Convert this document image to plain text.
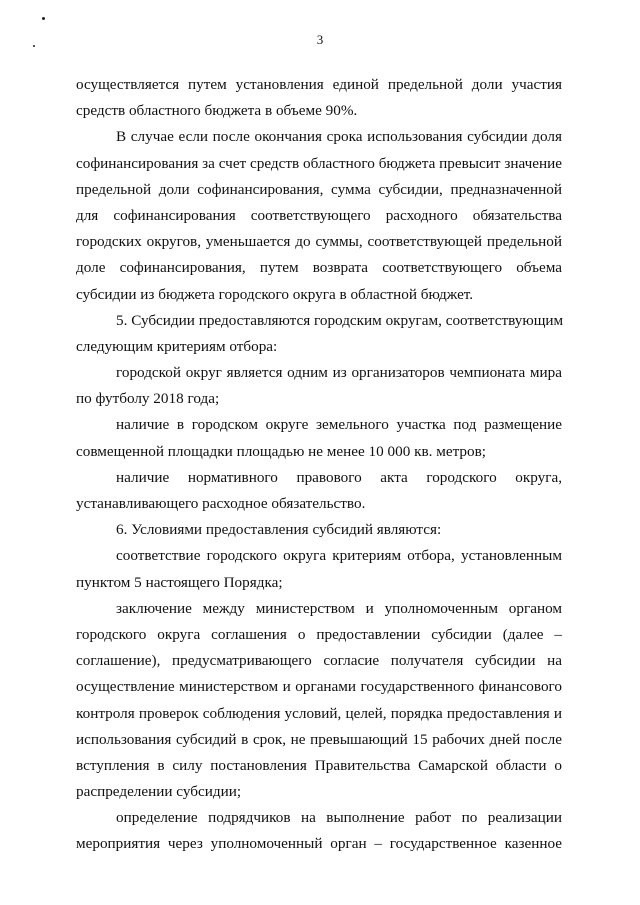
3
осуществляется путем установления единой предельной доли участия
средств областного бюджета в объеме 90%.
В случае если после окончания срока использования субсидии доля
софинансирования за счет средств областного бюджета превысит значение
предельной доли софинансирования, сумма субсидии, предназначенной
для софинансирования соответствующего расходного обязательства
городских округов, уменьшается до суммы, соответствующей предельной
доле софинансирования, путем возврата соответствующего объема
субсидии из бюджета городского округа в областной бюджет.
5. Субсидии предоставляются городским округам, соответствующим
следующим критериям отбора:
городской округ является одним из организаторов чемпионата мира
по футболу 2018 года;
наличие в городском округе земельного участка под размещение
совмещенной площадки площадью не менее 10 000 кв. метров;
наличие нормативного правового акта городского округа,
устанавливающего расходное обязательство.
6. Условиями предоставления субсидий являются:
соответствие городского округа критериям отбора, установленным
пунктом 5 настоящего Порядка;
заключение между министерством и уполномоченным органом
городского округа соглашения о предоставлении субсидии (далее –
соглашение), предусматривающего согласие получателя субсидии на
осуществление министерством и органами государственного финансового
контроля проверок соблюдения условий, целей, порядка предоставления и
использования субсидий в срок, не превышающий 15 рабочих дней после
вступления в силу постановления Правительства Самарской области о
распределении субсидии;
определение подрядчиков на выполнение работ по реализации
мероприятия через уполномоченный орган – государственное казенное
